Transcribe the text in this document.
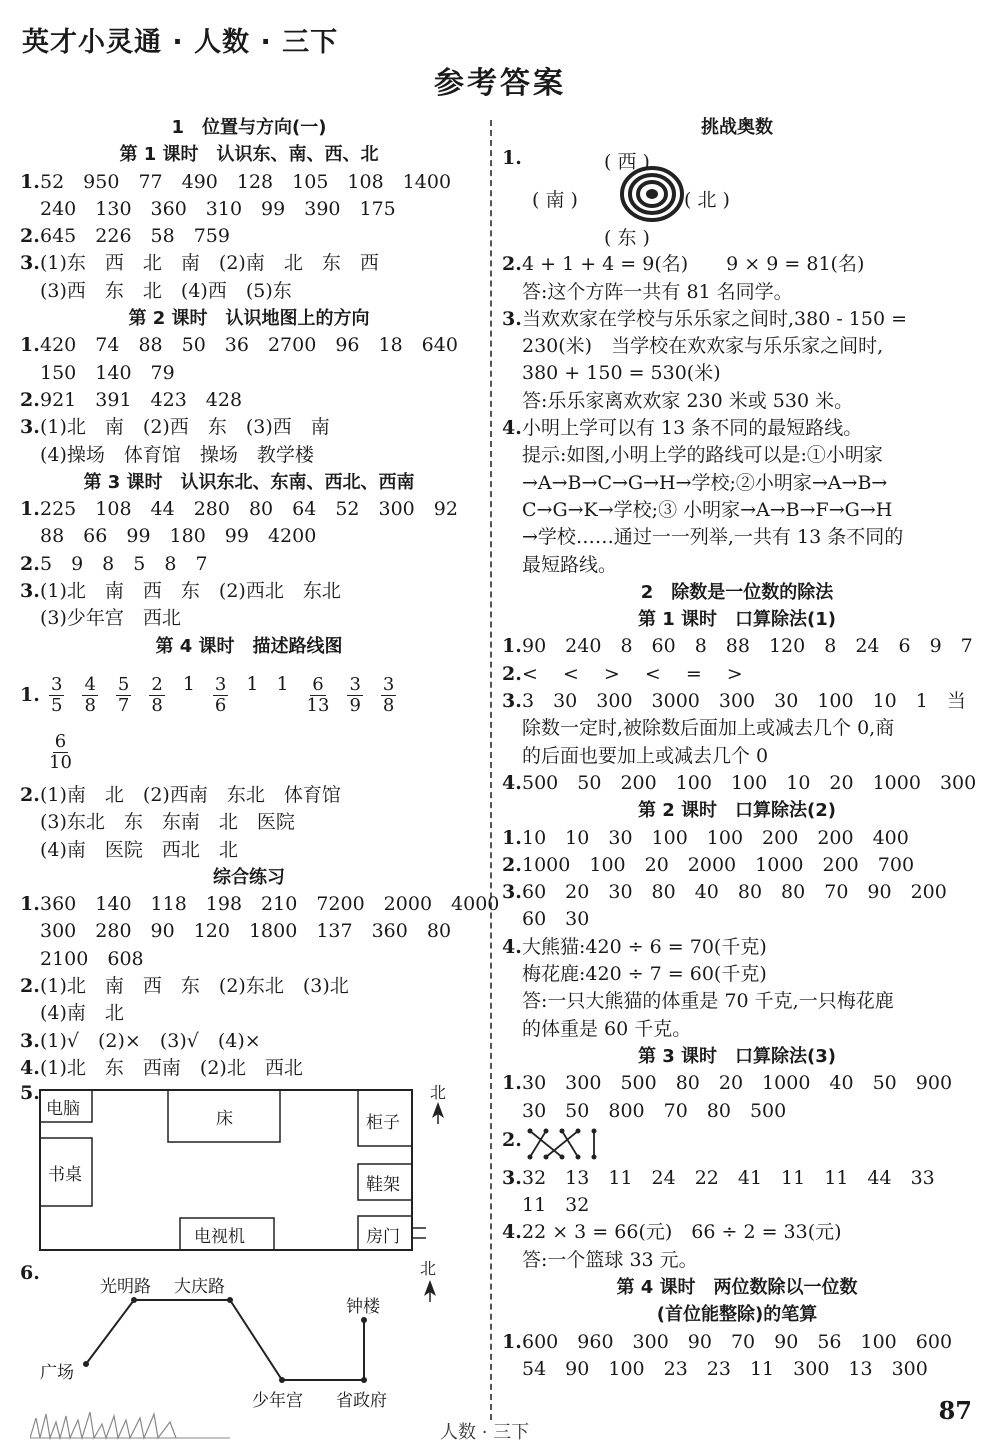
英才小灵通 · 人数 · 三下
参考答案
1　位置与方向(一)
第 1 课时　认识东、南、西、北
1.52　950　77　490　128　105　108　1400
240　130　360　310　99　390　175
2.645　226　58　759
3.(1)东　西　北　南　(2)南　北　东　西
(3)西　东　北　(4)西　(5)东
第 2 课时　认识地图上的方向
1.420　74　88　50　36　2700　96　18　640
150　140　79
2.921　391　423　428
3.(1)北　南　(2)西　东　(3)西　南
(4)操场　体育馆　操场　教学楼
第 3 课时　认识东北、东南、西北、西南
1.225　108　44　280　80　64　52　300　92
88　66　99　180　99　4200
2.5　9　8　5　8　7
3.(1)北　南　西　东　(2)西北　东北
(3)少年宫　西北
第 4 课时　描述路线图
1. $\frac{3}{5} \frac{4}{8} \frac{5}{7} \frac{2}{8} 1 \frac{3}{6} 1$ $1 \frac{6}{13} \frac{3}{9} \frac{3}{8}$
$\frac{6}{10}$
2.(1)南　北　(2)西南　东北　体育馆
(3)东北　东　东南　北　医院
(4)南　医院　西北　北
综合练习
1.360　140　118　198　210　7200　2000　4000
300　280　90　120　1800　137　360　80
2100　608
2.(1)北　南　西　东　(2)东北　(3)北
(4)南　北
3.(1)√　(2)×　(3)√　(4)×
4.(1)北　东　西南　(2)北　西北
5.
电脑	床	柜子
书桌	鞋架
电视机	房门
北
6.
光明路 大庆路
广场
钟楼
少年宫 省政府
北
挑战奥数
1.	( 西 )
( 南 )	( 北 )
( 东 )
2.4 + 1 + 4 = 9(名)　　9 × 9 = 81(名)
答:这个方阵一共有 81 名同学。
3.当欢欢家在学校与乐乐家之间时,380 - 150 =
230(米)　当学校在欢欢家与乐乐家之间时,
380 + 150 = 530(米)
答:乐乐家离欢欢家 230 米或 530 米。
4.小明上学可以有 13 条不同的最短路线。
提示:如图,小明上学的路线可以是:①小明家
→A→B→C→G→H→学校;②小明家→A→B→
C→G→K→学校;③ 小明家→A→B→F→G→H
→学校……通过一一列举,一共有 13 条不同的
最短路线。
2　除数是一位数的除法
第 1 课时　口算除法(1)
1.90　240　8　60　8　88　120　8　24　6　9　7
2.<　 <　 >　 <　 =　 >
3.3　30　300　3000　300　30　100　10　1　当
除数一定时,被除数后面加上或减去几个 0,商
的后面也要加上或减去几个 0
4.500　50　200　100　100　10　20　1000　300
第 2 课时　口算除法(2)
1.10　10　30　100　100　200　200　400
2.1000　100　20　2000　1000　200　700
3.60　20　30　80　40　80　80　70　90　200
60　30
4.大熊猫:420 ÷ 6 = 70(千克)
梅花鹿:420 ÷ 7 = 60(千克)
答:一只大熊猫的体重是 70 千克,一只梅花鹿
的体重是 60 千克。
第 3 课时　口算除法(3)
1.30　300　500　80　20　1000　40　50　900
30　50　800　70　80　500
2.
3.32　13　11　24　22　41　11　11　44　33
11　32
4.22 × 3 = 66(元)　66 ÷ 2 = 33(元)
答:一个篮球 33 元。
第 4 课时　两位数除以一位数
(首位能整除)的笔算
1.600　960　300　90　70　90　56　100　600
54　90　100　23　23　11　300　13　300
人数 · 三下
87
